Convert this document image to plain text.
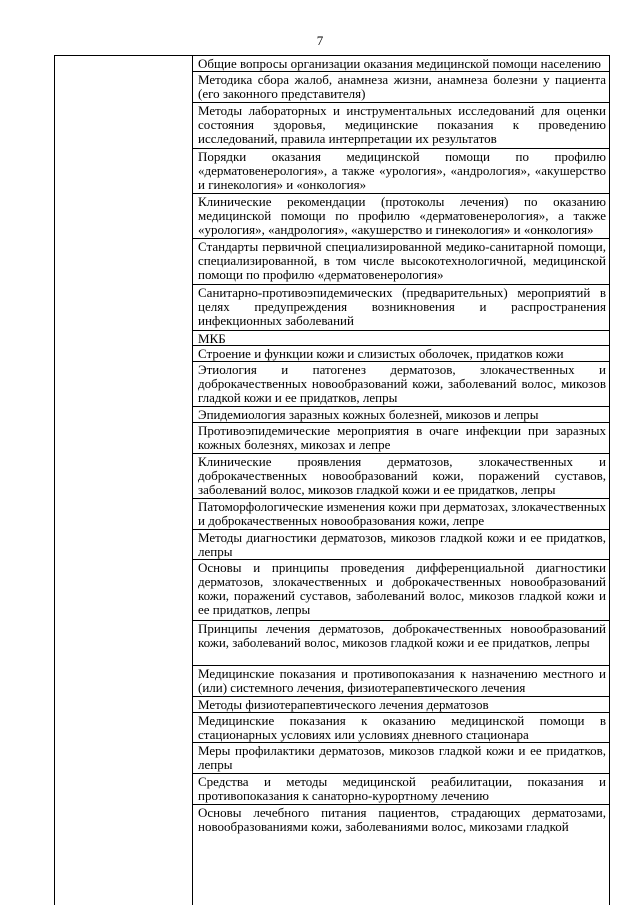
7
Общие вопросы организации оказания медицинской помощи населению
Методика сбора жалоб, анамнеза жизни, анамнеза болезни у пациента (его законного представителя)
Методы лабораторных и инструментальных исследований для оценки состояния здоровья, медицинские показания к проведению исследований, правила интерпретации их результатов
Порядки оказания медицинской помощи по профилю «дерматовенерология», а также «урология», «андрология», «акушерство и гинекология» и «онкология»
Клинические рекомендации (протоколы лечения) по оказанию медицинской помощи по профилю «дерматовенерология», а также «урология», «андрология», «акушерство и гинекология» и «онкология»
Стандарты первичной специализированной медико-санитарной помощи, специализированной, в том числе высокотехнологичной, медицинской помощи по профилю «дерматовенерология»
Санитарно-противоэпидемических (предварительных) мероприятий в целях предупреждения возникновения и распространения инфекционных заболеваний
МКБ
Строение и функции кожи и слизистых оболочек, придатков кожи
Этиология и патогенез дерматозов, злокачественных и доброкачественных новообразований кожи, заболеваний волос, микозов гладкой кожи и ее придатков, лепры
Эпидемиология заразных кожных болезней, микозов и лепры
Противоэпидемические мероприятия в очаге инфекции при заразных кожных болезнях, микозах и лепре
Клинические проявления дерматозов, злокачественных и доброкачественных новообразований кожи, поражений суставов, заболеваний волос, микозов гладкой кожи и ее придатков, лепры
Патоморфологические изменения кожи при дерматозах, злокачественных и доброкачественных новообразования кожи, лепре
Методы диагностики дерматозов, микозов гладкой кожи и ее придатков, лепры
Основы и принципы проведения дифференциальной диагностики дерматозов, злокачественных и доброкачественных новообразований кожи, поражений суставов, заболеваний волос, микозов гладкой кожи и ее придатков, лепры
Принципы лечения дерматозов, доброкачественных новообразований кожи, заболеваний волос, микозов гладкой кожи и ее придатков, лепры
Медицинские показания и противопоказания к назначению местного и (или) системного лечения, физиотерапевтического лечения
Методы физиотерапевтического лечения дерматозов
Медицинские показания к оказанию медицинской помощи в стационарных условиях или условиях дневного стационара
Меры профилактики дерматозов, микозов гладкой кожи и ее придатков, лепры
Средства и методы медицинской реабилитации, показания и противопоказания к санаторно-курортному лечению
Основы лечебного питания пациентов, страдающих дерматозами, новообразованиями кожи, заболеваниями волос, микозами гладкой
